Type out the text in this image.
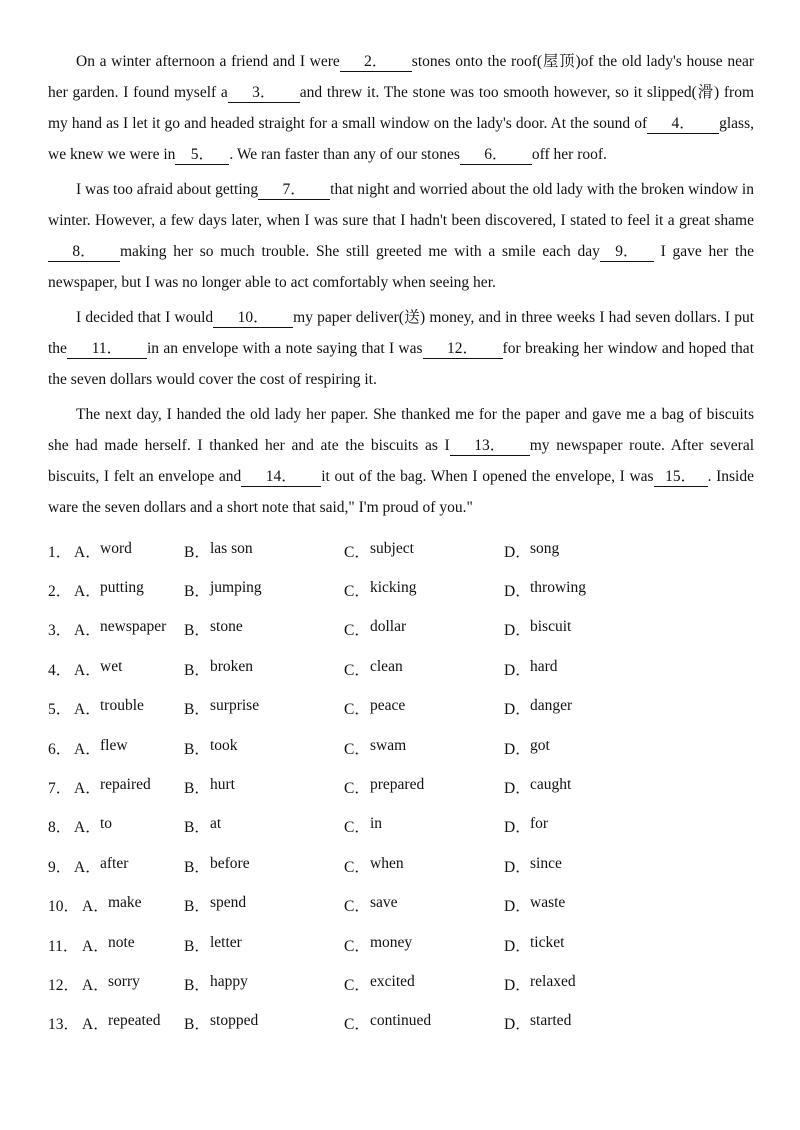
On a winter afternoon a friend and I were 2． stones onto the roof(屋顶)of the old lady's house near her garden. I found myself a 3． and threw it. The stone was too smooth however, so it slipped(滑) from my hand as I let it go and headed straight for a small window on the lady's door. At the sound of 4． glass, we knew we were in 5． . We ran faster than any of our stones 6． off her roof.

I was too afraid about getting 7． that night and worried about the old lady with the broken window in winter. However, a few days later, when I was sure that I hadn't been discovered, I stated to feel it a great shame8． making her so much trouble. She still greeted me with a smile each day 9． I gave her the newspaper, but I was no longer able to act comfortably when seeing her.

I decided that I would 10． my paper deliver(送) money, and in three weeks I had seven dollars. I put the 11． in an envelope with a note saying that I was 12． for breaking her window and hoped that the seven dollars would cover the cost of respiring it.

The next day, I handed the old lady her paper. She thanked me for the paper and gave me a bag of biscuits she had made herself. I thanked her and ate the biscuits as I 13． my newspaper route. After several biscuits, I felt an envelope and 14． it out of the bag. When I opened the envelope, I was 15． . Inside ware the seven dollars and a short note that said," I'm proud of you."

1． A． word	B． las son	C． subject	D． song
2． A． putting	B． jumping	C． kicking	D． throwing
3． A． newspaper B． stone	C． dollar	D． biscuit
4． A． wet	B． broken	C． clean	D． hard
5． A． trouble	B． surprise	C． peace	D． danger
6． A． flew	B． took	C． swam	D． got
7． A． repaired B． hurt	C． prepared	D． caught
8． A． to	B． at	C． in	D． for
9． A． after	B． before	C． when	D． since
10． A． make	B． spend	C． save	D． waste
11． A． note	B． letter	C． money	D． ticket
12． A． sorry	B． happy	C． excited	D． relaxed
13． A． repeated B． stopped	C． continued	D． started
